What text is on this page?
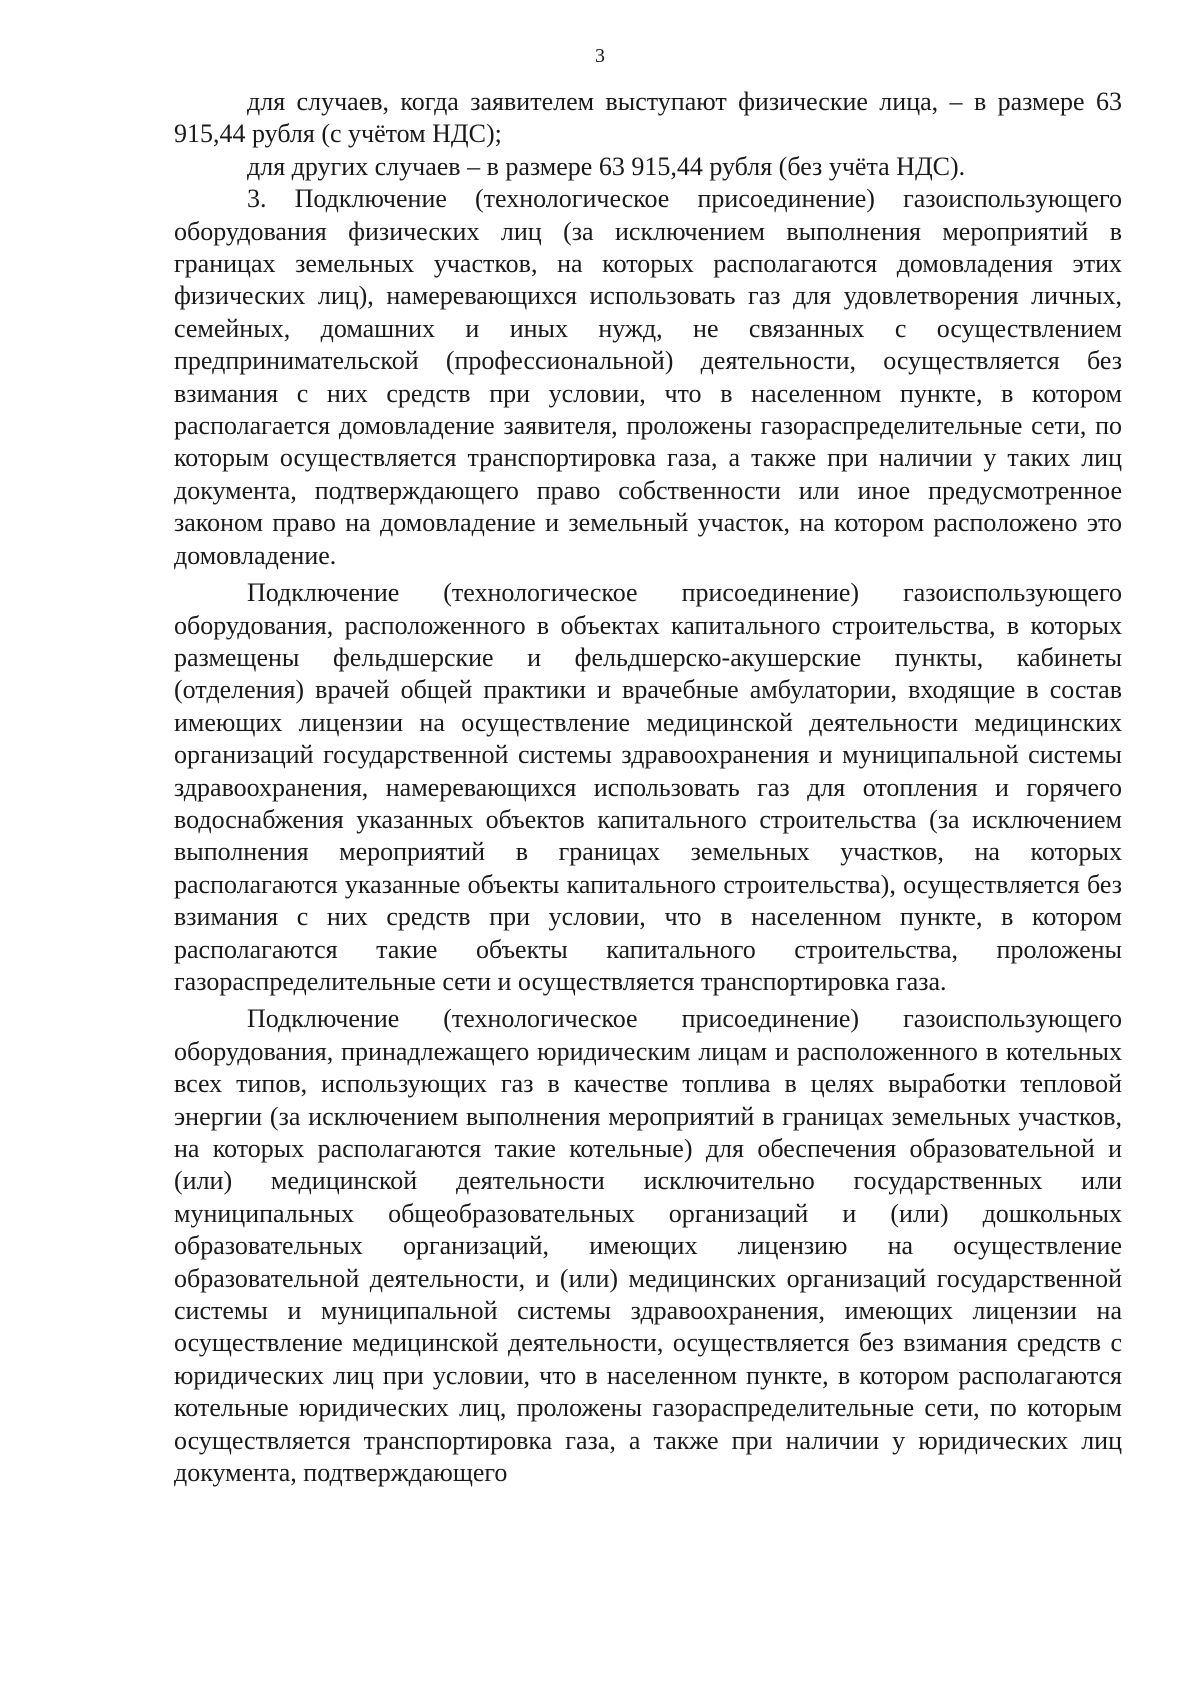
3

для случаев, когда заявителем выступают физические лица, – в размере 63 915,44 рубля (с учётом НДС);

для других случаев – в размере 63 915,44 рубля (без учёта НДС).

3. Подключение (технологическое присоединение) газоиспользующего оборудования физических лиц (за исключением выполнения мероприятий в границах земельных участков, на которых располагаются домовладения этих физических лиц), намеревающихся использовать газ для удовлетворения личных, семейных, домашних и иных нужд, не связанных с осуществлением предпринимательской (профессиональной) деятельности, осуществляется без взимания с них средств при условии, что в населенном пункте, в котором располагается домовладение заявителя, проложены газораспределительные сети, по которым осуществляется транспортировка газа, а также при наличии у таких лиц документа, подтверждающего право собственности или иное предусмотренное законом право на домовладение и земельный участок, на котором расположено это домовладение.

Подключение (технологическое присоединение) газоиспользующего оборудования, расположенного в объектах капитального строительства, в которых размещены фельдшерские и фельдшерско-акушерские пункты, кабинеты (отделения) врачей общей практики и врачебные амбулатории, входящие в состав имеющих лицензии на осуществление медицинской деятельности медицинских организаций государственной системы здравоохранения и муниципальной системы здравоохранения, намеревающихся использовать газ для отопления и горячего водоснабжения указанных объектов капитального строительства (за исключением выполнения мероприятий в границах земельных участков, на которых располагаются указанные объекты капитального строительства), осуществляется без взимания с них средств при условии, что в населенном пункте, в котором располагаются такие объекты капитального строительства, проложены газораспределительные сети и осуществляется транспортировка газа.

Подключение (технологическое присоединение) газоиспользующего оборудования, принадлежащего юридическим лицам и расположенного в котельных всех типов, использующих газ в качестве топлива в целях выработки тепловой энергии (за исключением выполнения мероприятий в границах земельных участков, на которых располагаются такие котельные) для обеспечения образовательной и (или) медицинской деятельности исключительно государственных или муниципальных общеобразовательных организаций и (или) дошкольных образовательных организаций, имеющих лицензию на осуществление образовательной деятельности, и (или) медицинских организаций государственной системы и муниципальной системы здравоохранения, имеющих лицензии на осуществление медицинской деятельности, осуществляется без взимания средств с юридических лиц при условии, что в населенном пункте, в котором располагаются котельные юридических лиц, проложены газораспределительные сети, по которым осуществляется транспортировка газа, а также при наличии у юридических лиц документа, подтверждающего
